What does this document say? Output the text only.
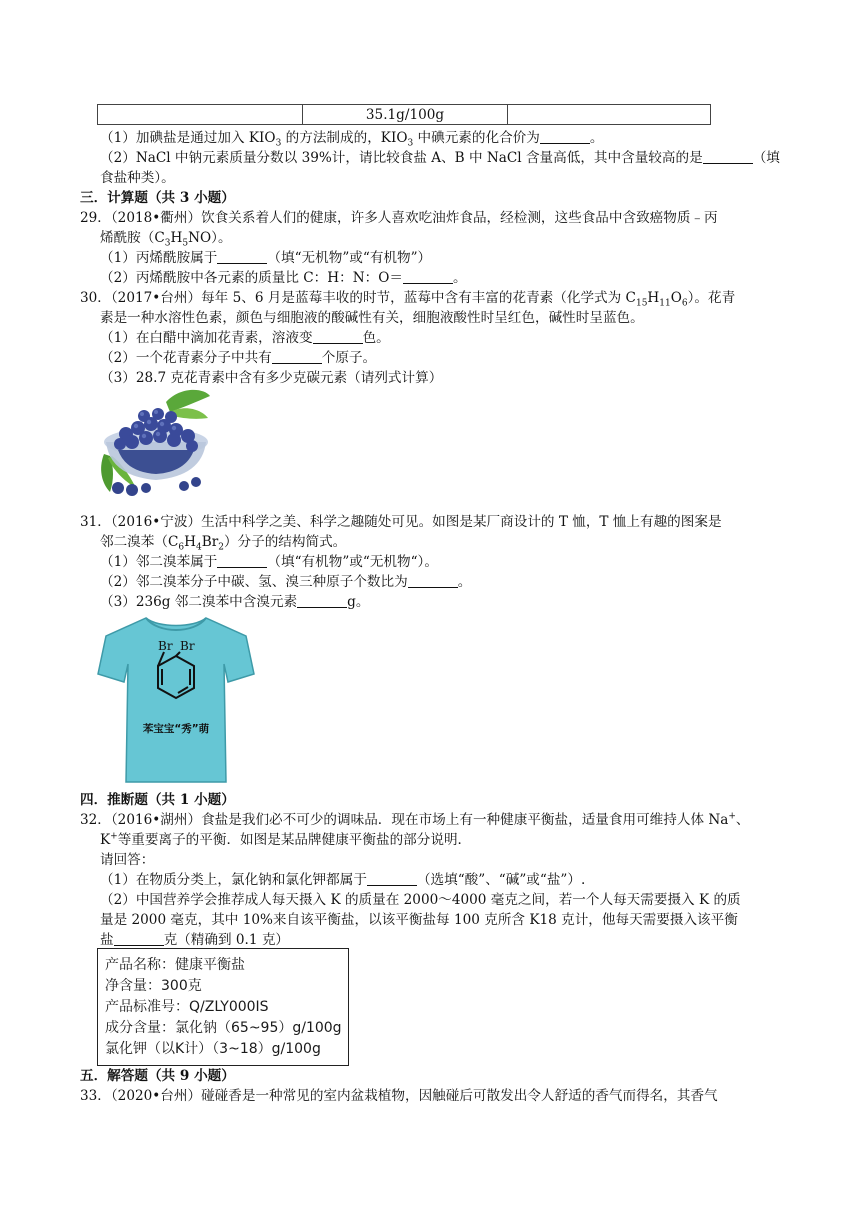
35.1g/100g
（1）加碘盐是通过加入 $KIO_3$ 的方法制成的，$KIO_3$ 中碘元素的化合价为	。
（2）NaCl 中钠元素质量分数以 39%计，请比较食盐 A、B 中 NaCl 含量高低，其中含量较高的是	（填
食盐种类）。
三．计算题（共 3 小题）
29．（2018•衢州）饮食关系着人们的健康，许多人喜欢吃油炸食品，经检测，这些食品中含致癌物质﹣丙
烯酰胺$(C_3H_5NO)$。
（1）丙烯酰胺属于	（填“无机物”或“有机物”）
（2）丙烯酰胺中各元素的质量比 C：H：N：O＝	。
30．（2017•台州）每年 5、6 月是蓝莓丰收的时节，蓝莓中含有丰富的花青素（化学式为 $C_{15}H_{11}O_6$）。花青
素是一种水溶性色素，颜色与细胞液的酸碱性有关，细胞液酸性时呈红色，碱性时呈蓝色。
（1）在白醋中滴加花青素，溶液变	色。
（2）一个花青素分子中共有	个原子。
（3）28.7 克花青素中含有多少克碳元素（请列式计算）
31．（2016•宁波）生活中科学之美、科学之趣随处可见。如图是某厂商设计的 T 恤，T 恤上有趣的图案是
邻二溴苯$(C_6H_4Br_2)$分子的结构简式。
（1）邻二溴苯属于	（填“有机物”或“无机物“）。
（2）邻二溴苯分子中碳、氢、溴三种原子个数比为	。
（3）236g 邻二溴苯中含溴元素	g。
Br Br
苯宝宝“秀”萌
四．推断题（共 1 小题）
32．（2016•湖州）食盐是我们必不可少的调味品．现在市场上有一种健康平衡盐，适量食用可维持人体 Na+、
K+等重要离子的平衡．如图是某品牌健康平衡盐的部分说明．
请回答：
（1）在物质分类上，氯化钠和氯化钾都属于	（选填“酸”、“碱”或“盐”）.
（2）中国营养学会推荐成人每天摄入 K 的质量在 2000～4000 毫克之间，若一个人每天需要摄入 K 的质
量是 2000 毫克，其中 10%来自该平衡盐，以该平衡盐每 100 克所含 K18 克计，他每天需要摄入该平衡
盐	克（精确到 0.1 克）
产品名称：健康平衡盐
净含量：300克
产品标准号：Q/ZLY000IS
成分含量：氯化钠（65~95）g/100g
氯化钾（以K计）（3~18）g/100g
五．解答题（共 9 小题）
33．（2020•台州）碰碰香是一种常见的室内盆栽植物，因触碰后可散发出令人舒适的香气而得名，其香气
